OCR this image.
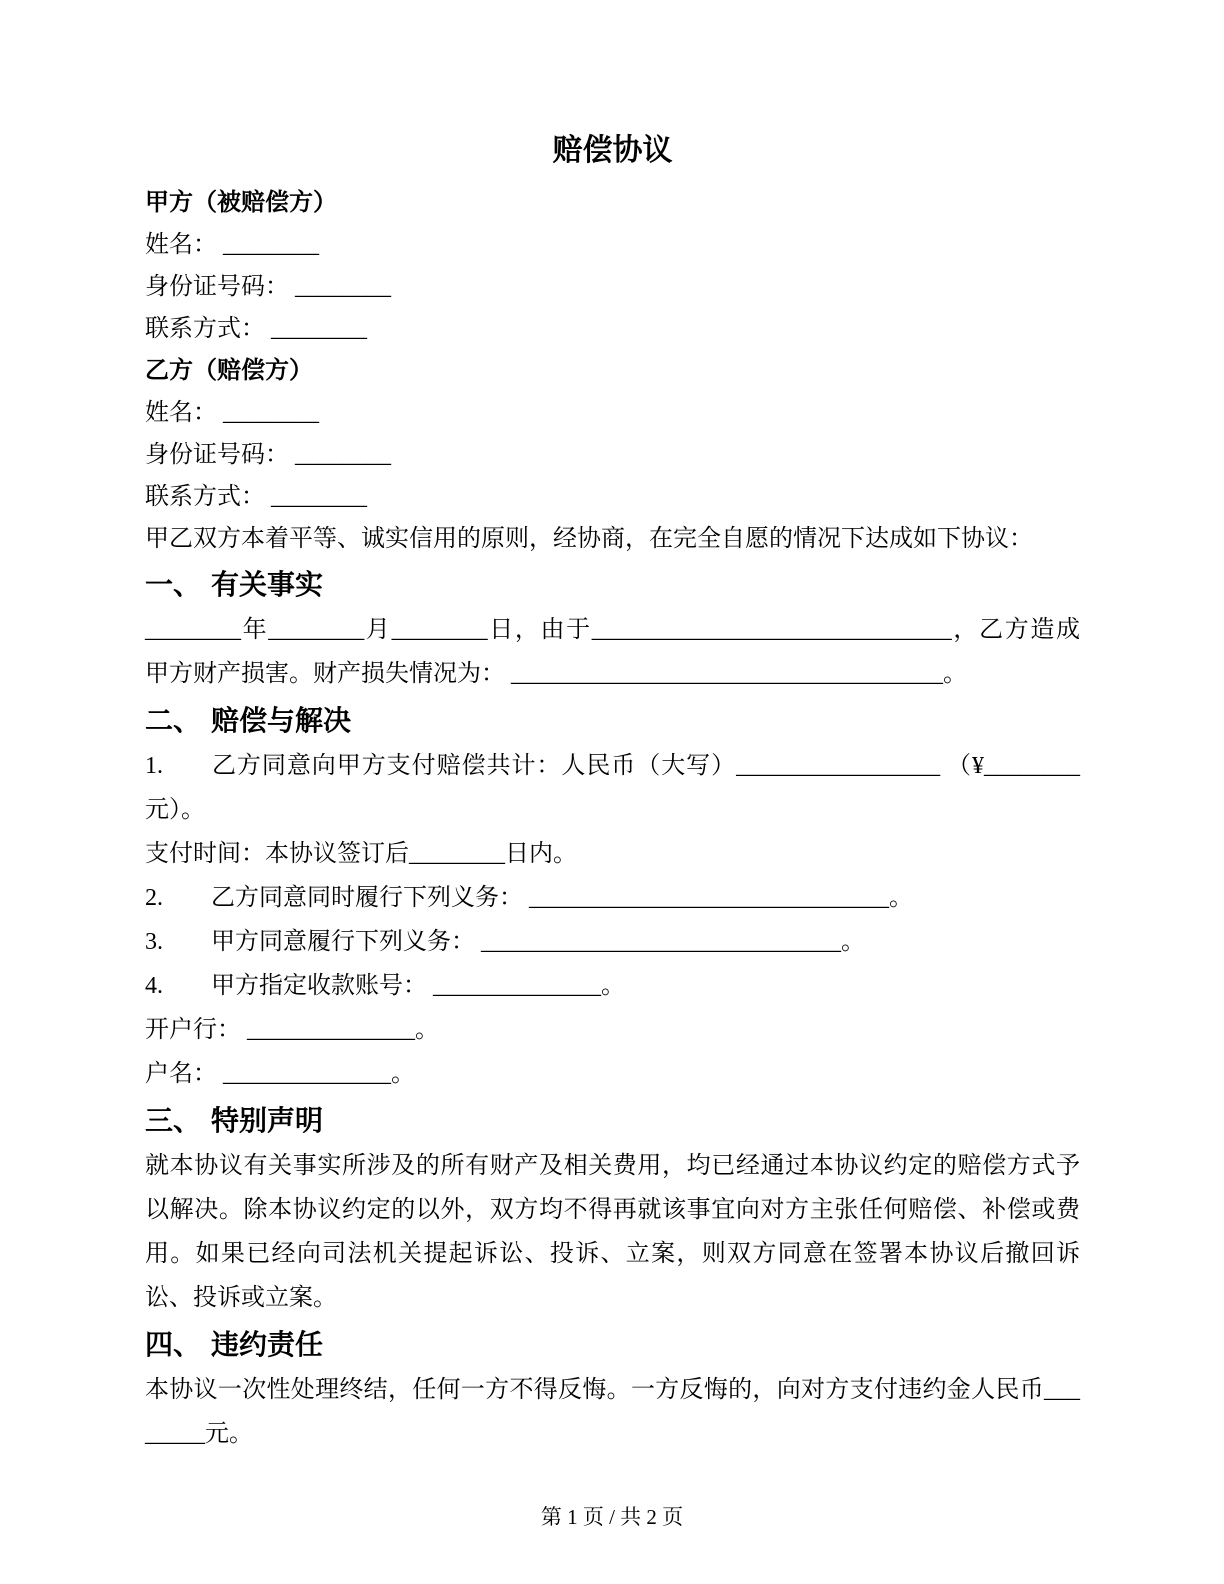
赔偿协议
甲方（被赔偿方）
姓名： ________
身份证号码： ________
联系方式： ________
乙方（赔偿方）
姓名： ________
身份证号码： ________
联系方式： ________
甲乙双方本着平等、诚实信用的原则，经协商，在完全自愿的情况下达成如下协议：
一、 有关事实

________年________月________日，由于______________________________，乙方造成甲方财产损害。财产损失情况为： ____________________________________。

二、 赔偿与解决

1. 乙方同意向甲方支付赔偿共计：人民币（大写）_________________ （¥________元）。

支付时间：本协议签订后________日内。

2. 乙方同意同时履行下列义务： ______________________________。

3. 甲方同意履行下列义务： ______________________________。

4. 甲方指定收款账号： ______________。

开户行： ______________。

户名： ______________。

三、 特别声明

就本协议有关事实所涉及的所有财产及相关费用，均已经通过本协议约定的赔偿方式予以解决。除本协议约定的以外，双方均不得再就该事宜向对方主张任何赔偿、补偿或费用。如果已经向司法机关提起诉讼、投诉、立案，则双方同意在签署本协议后撤回诉讼、投诉或立案。

四、 违约责任

本协议一次性处理终结，任何一方不得反悔。一方反悔的，向对方支付违约金人民币________元。

第 1 页 / 共 2 页
